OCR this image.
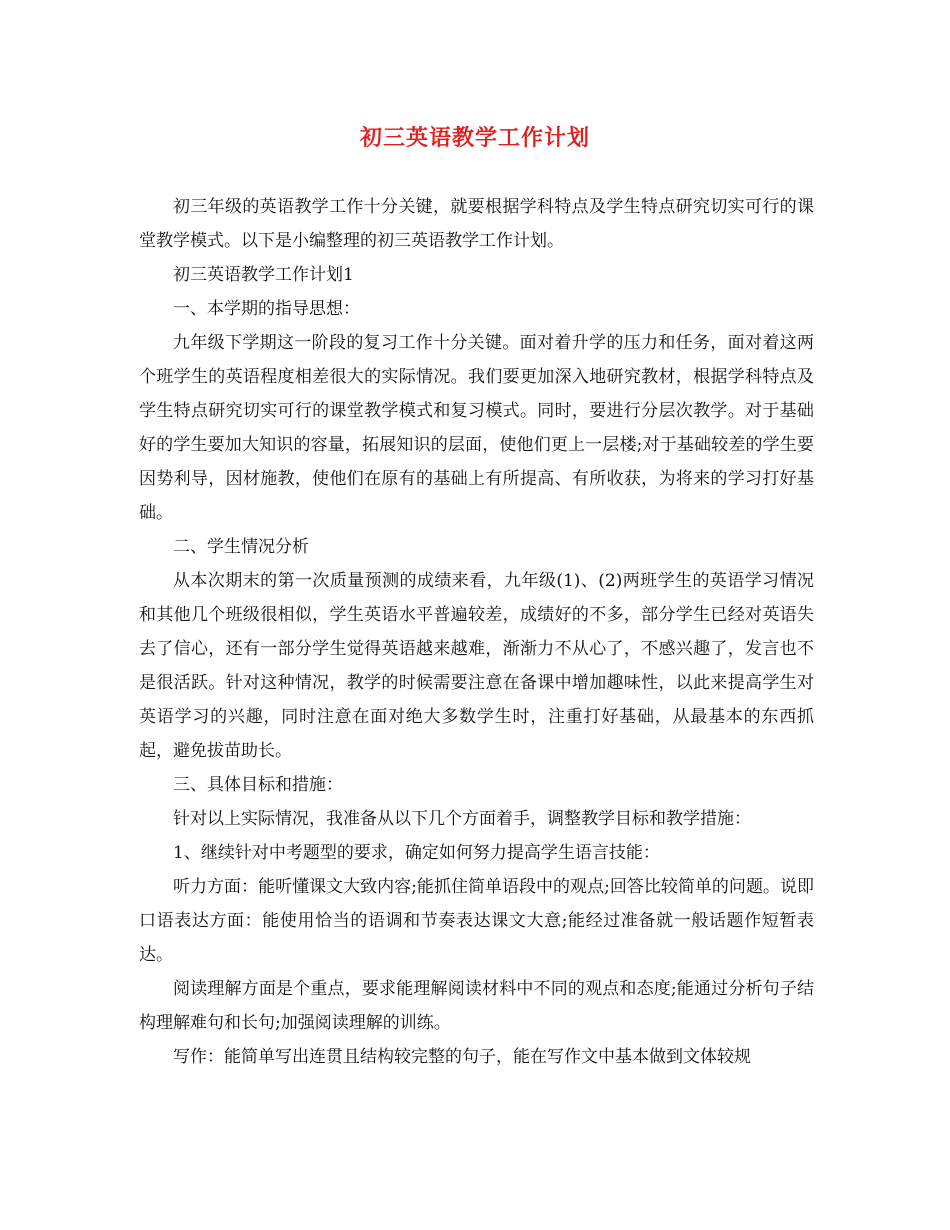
初三英语教学工作计划

初三年级的英语教学工作十分关键，就要根据学科特点及学生特点研究切实可行的课堂教学模式。以下是小编整理的初三英语教学工作计划。

初三英语教学工作计划1

一、本学期的指导思想：

九年级下学期这一阶段的复习工作十分关键。面对着升学的压力和任务，面对着这两个班学生的英语程度相差很大的实际情况。我们要更加深入地研究教材，根据学科特点及学生特点研究切实可行的课堂教学模式和复习模式。同时，要进行分层次教学。对于基础好的学生要加大知识的容量，拓展知识的层面，使他们更上一层楼;对于基础较差的学生要因势利导，因材施教，使他们在原有的基础上有所提高、有所收获，为将来的学习打好基础。

二、学生情况分析

从本次期末的第一次质量预测的成绩来看，九年级(1)、(2)两班学生的英语学习情况和其他几个班级很相似，学生英语水平普遍较差，成绩好的不多，部分学生已经对英语失去了信心，还有一部分学生觉得英语越来越难，渐渐力不从心了，不感兴趣了，发言也不是很活跃。针对这种情况，教学的时候需要注意在备课中增加趣味性，以此来提高学生对英语学习的兴趣，同时注意在面对绝大多数学生时，注重打好基础，从最基本的东西抓起，避免拔苗助长。

三、具体目标和措施：

针对以上实际情况，我准备从以下几个方面着手，调整教学目标和教学措施：

1、继续针对中考题型的要求，确定如何努力提高学生语言技能：

听力方面：能听懂课文大致内容;能抓住简单语段中的观点;回答比较简单的问题。说即口语表达方面：能使用恰当的语调和节奏表达课文大意;能经过准备就一般话题作短暂表达。

阅读理解方面是个重点，要求能理解阅读材料中不同的观点和态度;能通过分析句子结构理解难句和长句;加强阅读理解的训练。

写作：能简单写出连贯且结构较完整的句子，能在写作文中基本做到文体较规
